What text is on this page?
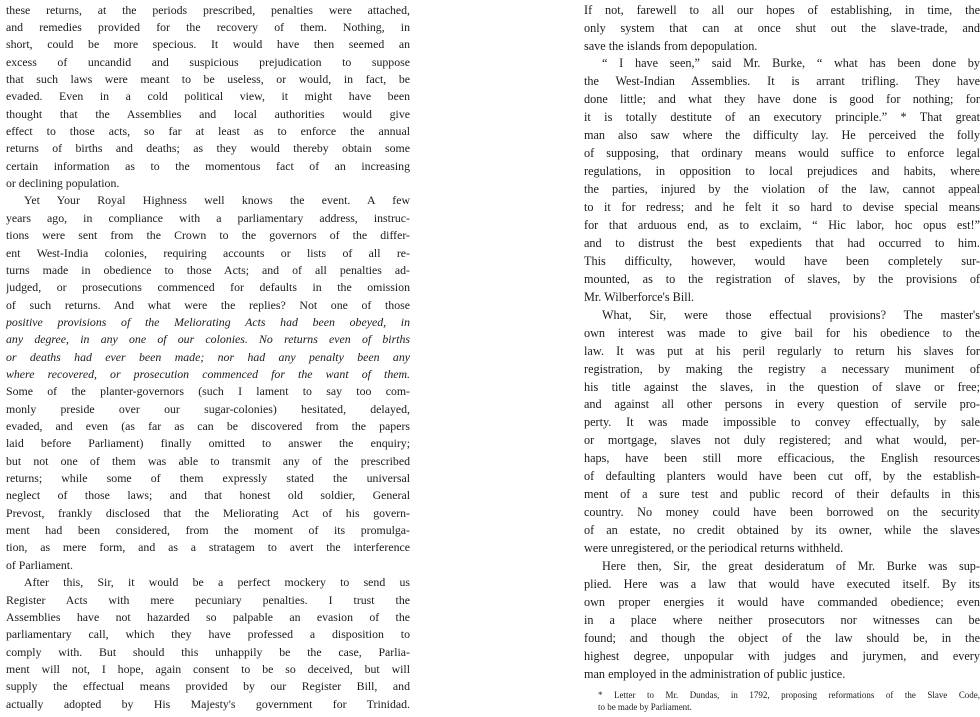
these returns, at the periods prescribed, penalties were attached,
and remedies provided for the recovery of them. Nothing, in
short, could be more specious. It would have then seemed an
excess of uncandid and suspicious prejudication to suppose
that such laws were meant to be useless, or would, in fact, be
evaded. Even in a cold political view, it might have been
thought that the Assemblies and local authorities would give
effect to those acts, so far at least as to enforce the annual
returns of births and deaths; as they would thereby obtain some
certain information as to the momentous fact of an increasing
or declining population.
Yet Your Royal Highness well knows the event. A few
years ago, in compliance with a parliamentary address, instruc-
tions were sent from the Crown to the governors of the differ-
ent West-India colonies, requiring accounts or lists of all re-
turns made in obedience to those Acts; and of all penalties ad-
judged, or prosecutions commenced for defaults in the omission
of such returns. And what were the replies? Not one of those
positive provisions of the Meliorating Acts had been obeyed, in
any degree, in any one of our colonies. No returns even of births
or deaths had ever been made; nor had any penalty been any
where recovered, or prosecution commenced for the want of them.
Some of the planter-governors (such I lament to say too com-
monly preside over our sugar-colonies) hesitated, delayed,
evaded, and even (as far as can be discovered from the papers
laid before Parliament) finally omitted to answer the enquiry;
but not one of them was able to transmit any of the prescribed
returns; while some of them expressly stated the universal
neglect of those laws; and that honest old soldier, General
Prevost, frankly disclosed that the Meliorating Act of his govern-
ment had been considered, from the moment of its promulga-
tion, as mere form, and as a stratagem to avert the interference
of Parliament.
After this, Sir, it would be a perfect mockery to send us
Register Acts with mere pecuniary penalties. I trust the
Assemblies have not hazarded so palpable an evasion of the
parliamentary call, which they have professed a disposition to
comply with. But should this unhappily be the case, Parlia-
ment will not, I hope, again consent to be so deceived, but will
supply the effectual means provided by our Register Bill, and
actually adopted by His Majesty's government for Trinidad.
If not, farewell to all our hopes of establishing, in time, the
only system that can at once shut out the slave-trade, and
save the islands from depopulation.
“ I have seen,” said Mr. Burke, “ what has been done by
the West-Indian Assemblies. It is arrant trifling. They have
done little; and what they have done is good for nothing; for
it is totally destitute of an executory principle.” * That great
man also saw where the difficulty lay. He perceived the folly
of supposing, that ordinary means would suffice to enforce legal
regulations, in opposition to local prejudices and habits, where
the parties, injured by the violation of the law, cannot appeal
to it for redress; and he felt it so hard to devise special means
for that arduous end, as to exclaim, “ Hic labor, hoc opus est!”
and to distrust the best expedients that had occurred to him.
This difficulty, however, would have been completely sur-
mounted, as to the registration of slaves, by the provisions of
Mr. Wilberforce's Bill.
What, Sir, were those effectual provisions? The master's
own interest was made to give bail for his obedience to the
law. It was put at his peril regularly to return his slaves for
registration, by making the registry a necessary muniment of
his title against the slaves, in the question of slave or free;
and against all other persons in every question of servile pro-
perty. It was made impossible to convey effectually, by sale
or mortgage, slaves not duly registered; and what would, per-
haps, have been still more efficacious, the English resources
of defaulting planters would have been cut off, by the establish-
ment of a sure test and public record of their defaults in this
country. No money could have been borrowed on the security
of an estate, no credit obtained by its owner, while the slaves
were unregistered, or the periodical returns withheld.
Here then, Sir, the great desideratum of Mr. Burke was sup-
plied. Here was a law that would have executed itself. By its
own proper energies it would have commanded obedience; even
in a place where neither prosecutors nor witnesses can be
found; and though the object of the law should be, in the
highest degree, unpopular with judges and jurymen, and every
man employed in the administration of public justice.
* Letter to Mr. Dundas, in 1792, proposing reformations of the Slave Code,
to be made by Parliament.
